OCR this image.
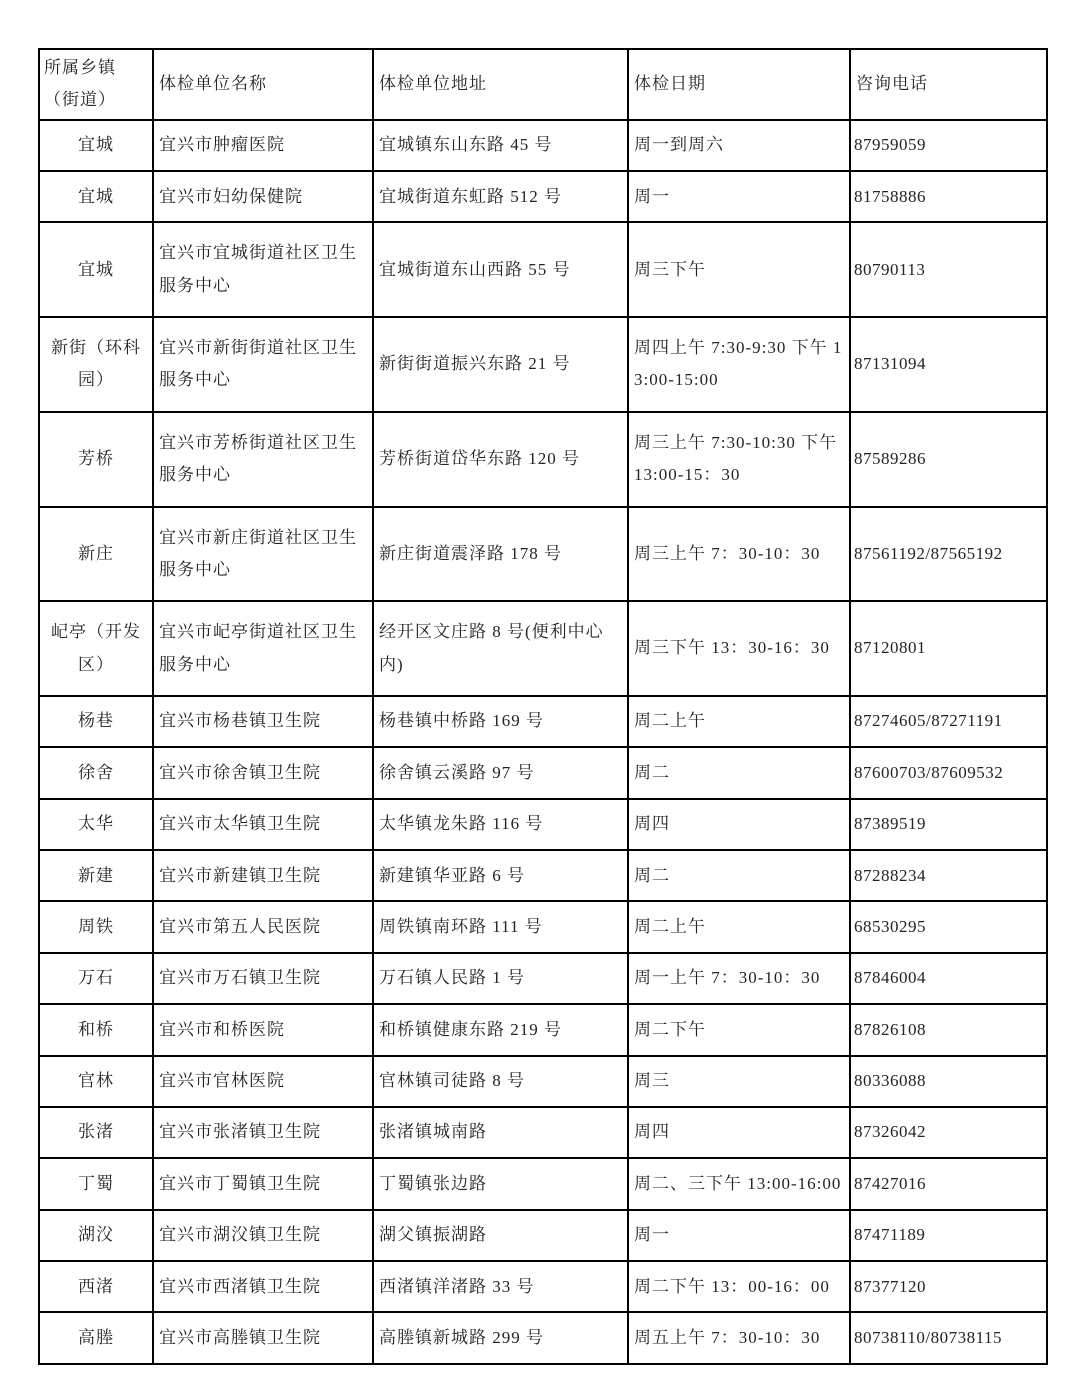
所属乡镇（街道）	体检单位名称	体检单位地址	体检日期	咨询电话
宜城	宜兴市肿瘤医院	宜城镇东山东路 45 号	周一到周六	87959059
宜城	宜兴市妇幼保健院	宜城街道东虹路 512 号	周一	81758886
宜城	宜兴市宜城街道社区卫生服务中心	宜城街道东山西路 55 号	周三下午	80790113
新街（环科园）	宜兴市新街街道社区卫生服务中心	新街街道振兴东路 21 号	周四上午 7:30-9:30 下午 13:00-15:00	87131094
芳桥	宜兴市芳桥街道社区卫生服务中心	芳桥街道岱华东路 120 号	周三上午 7:30-10:30 下午 13:00-15：30	87589286
新庄	宜兴市新庄街道社区卫生服务中心	新庄街道震泽路 178 号	周三上午 7：30-10：30	87561192/87565192
屺亭（开发区）	宜兴市屺亭街道社区卫生服务中心	经开区文庄路 8 号(便利中心内)	周三下午 13：30-16：30	87120801
杨巷	宜兴市杨巷镇卫生院	杨巷镇中桥路 169 号	周二上午	87274605/87271191
徐舍	宜兴市徐舍镇卫生院	徐舍镇云溪路 97 号	周二	87600703/87609532
太华	宜兴市太华镇卫生院	太华镇龙朱路 116 号	周四	87389519
新建	宜兴市新建镇卫生院	新建镇华亚路 6 号	周二	87288234
周铁	宜兴市第五人民医院	周铁镇南环路 111 号	周二上午	68530295
万石	宜兴市万石镇卫生院	万石镇人民路 1 号	周一上午 7：30-10：30	87846004
和桥	宜兴市和桥医院	和桥镇健康东路 219 号	周二下午	87826108
官林	宜兴市官林医院	官林镇司徒路 8 号	周三	80336088
张渚	宜兴市张渚镇卫生院	张渚镇城南路	周四	87326042
丁蜀	宜兴市丁蜀镇卫生院	丁蜀镇张边路	周二、三下午 13:00-16:00	87427016
湖㳇	宜兴市湖㳇镇卫生院	湖父镇振湖路	周一	87471189
西渚	宜兴市西渚镇卫生院	西渚镇洋渚路 33 号	周二下午 13：00-16：00	87377120
高塍	宜兴市高塍镇卫生院	高塍镇新城路 299 号	周五上午 7：30-10：30	80738110/80738115
